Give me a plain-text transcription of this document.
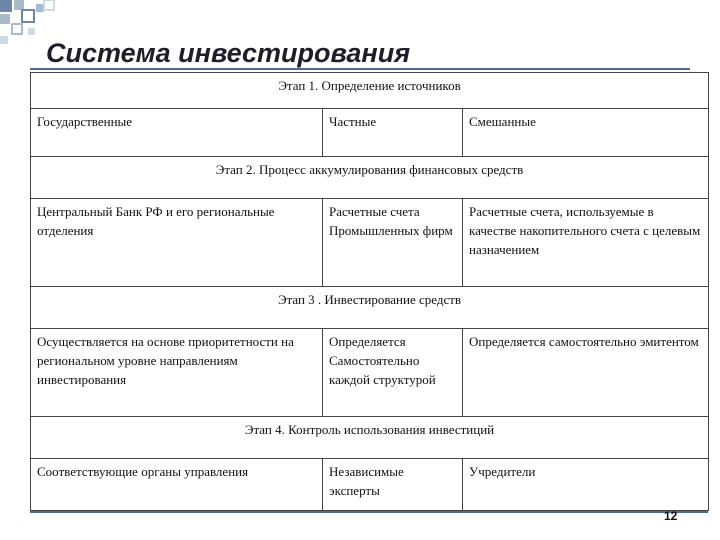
Система инвестирования
Этап 1. Определение источников		
Государственные	Частные	Смешанные
Этап 2. Процесс аккумулирования финансовых средств		
Центральный Банк РФ и его региональные отделения	Расчетные счета Промышленных фирм	Расчетные счета, используемые в качестве накопительного счета с целевым назначением
Этап 3 . Инвестирование средств		
Осуществляется на основе приоритетности на региональном уровне направлениям инвестирования	Определяется Самостоятельно каждой структурой	Определяется самостоятельно эмитентом
Этап 4. Контроль использования инвестиций		
Соответствующие органы управления	Независимые эксперты	Учредители
12
